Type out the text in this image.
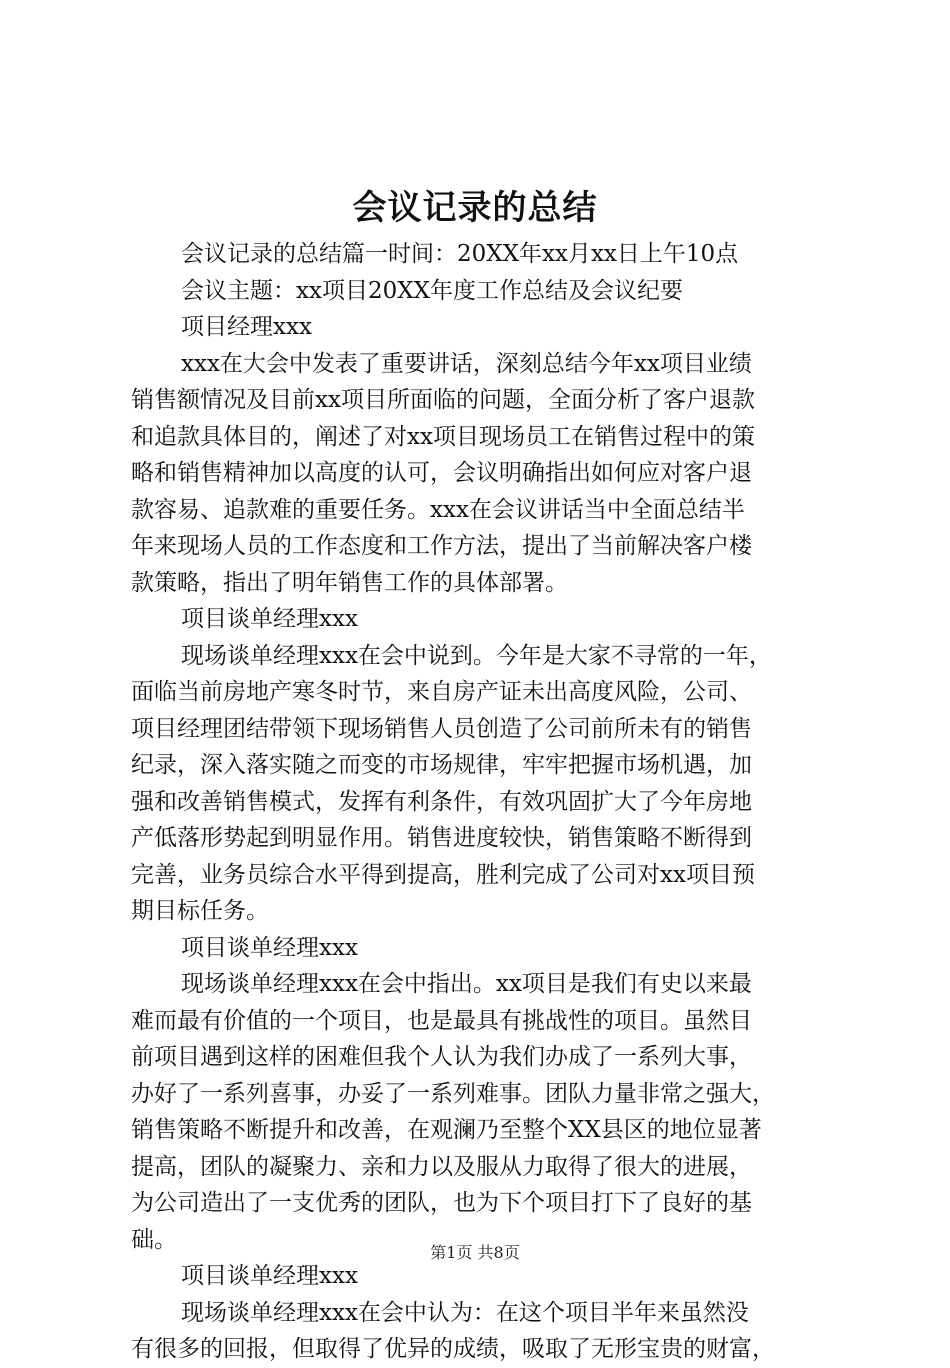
会议记录的总结
会议记录的总结篇一时间：20XX年xx月xx日上午10点
会议主题：xx项目20XX年度工作总结及会议纪要
项目经理xxx
xxx在大会中发表了重要讲话，深刻总结今年xx项目业绩
销售额情况及目前xx项目所面临的问题，全面分析了客户退款
和追款具体目的，阐述了对xx项目现场员工在销售过程中的策
略和销售精神加以高度的认可，会议明确指出如何应对客户退
款容易、追款难的重要任务。xxx在会议讲话当中全面总结半
年来现场人员的工作态度和工作方法，提出了当前解决客户楼
款策略，指出了明年销售工作的具体部署。
项目谈单经理xxx
现场谈单经理xxx在会中说到。今年是大家不寻常的一年，
面临当前房地产寒冬时节，来自房产证未出高度风险，公司、
项目经理团结带领下现场销售人员创造了公司前所未有的销售
纪录，深入落实随之而变的市场规律，牢牢把握市场机遇，加
强和改善销售模式，发挥有利条件，有效巩固扩大了今年房地
产低落形势起到明显作用。销售进度较快，销售策略不断得到
完善，业务员综合水平得到提高，胜利完成了公司对xx项目预
期目标任务。
项目谈单经理xxx
现场谈单经理xxx在会中指出。xx项目是我们有史以来最
难而最有价值的一个项目，也是最具有挑战性的项目。虽然目
前项目遇到这样的困难但我个人认为我们办成了一系列大事，
办好了一系列喜事，办妥了一系列难事。团队力量非常之强大，
销售策略不断提升和改善，在观澜乃至整个XX县区的地位显著
提高，团队的凝聚力、亲和力以及服从力取得了很大的进展，
为公司造出了一支优秀的团队，也为下个项目打下了良好的基
础。
项目谈单经理xxx
现场谈单经理xxx在会中认为：在这个项目半年来虽然没
有很多的回报，但取得了优异的成绩，吸取了无形宝贵的财富，
第1页 共8页
